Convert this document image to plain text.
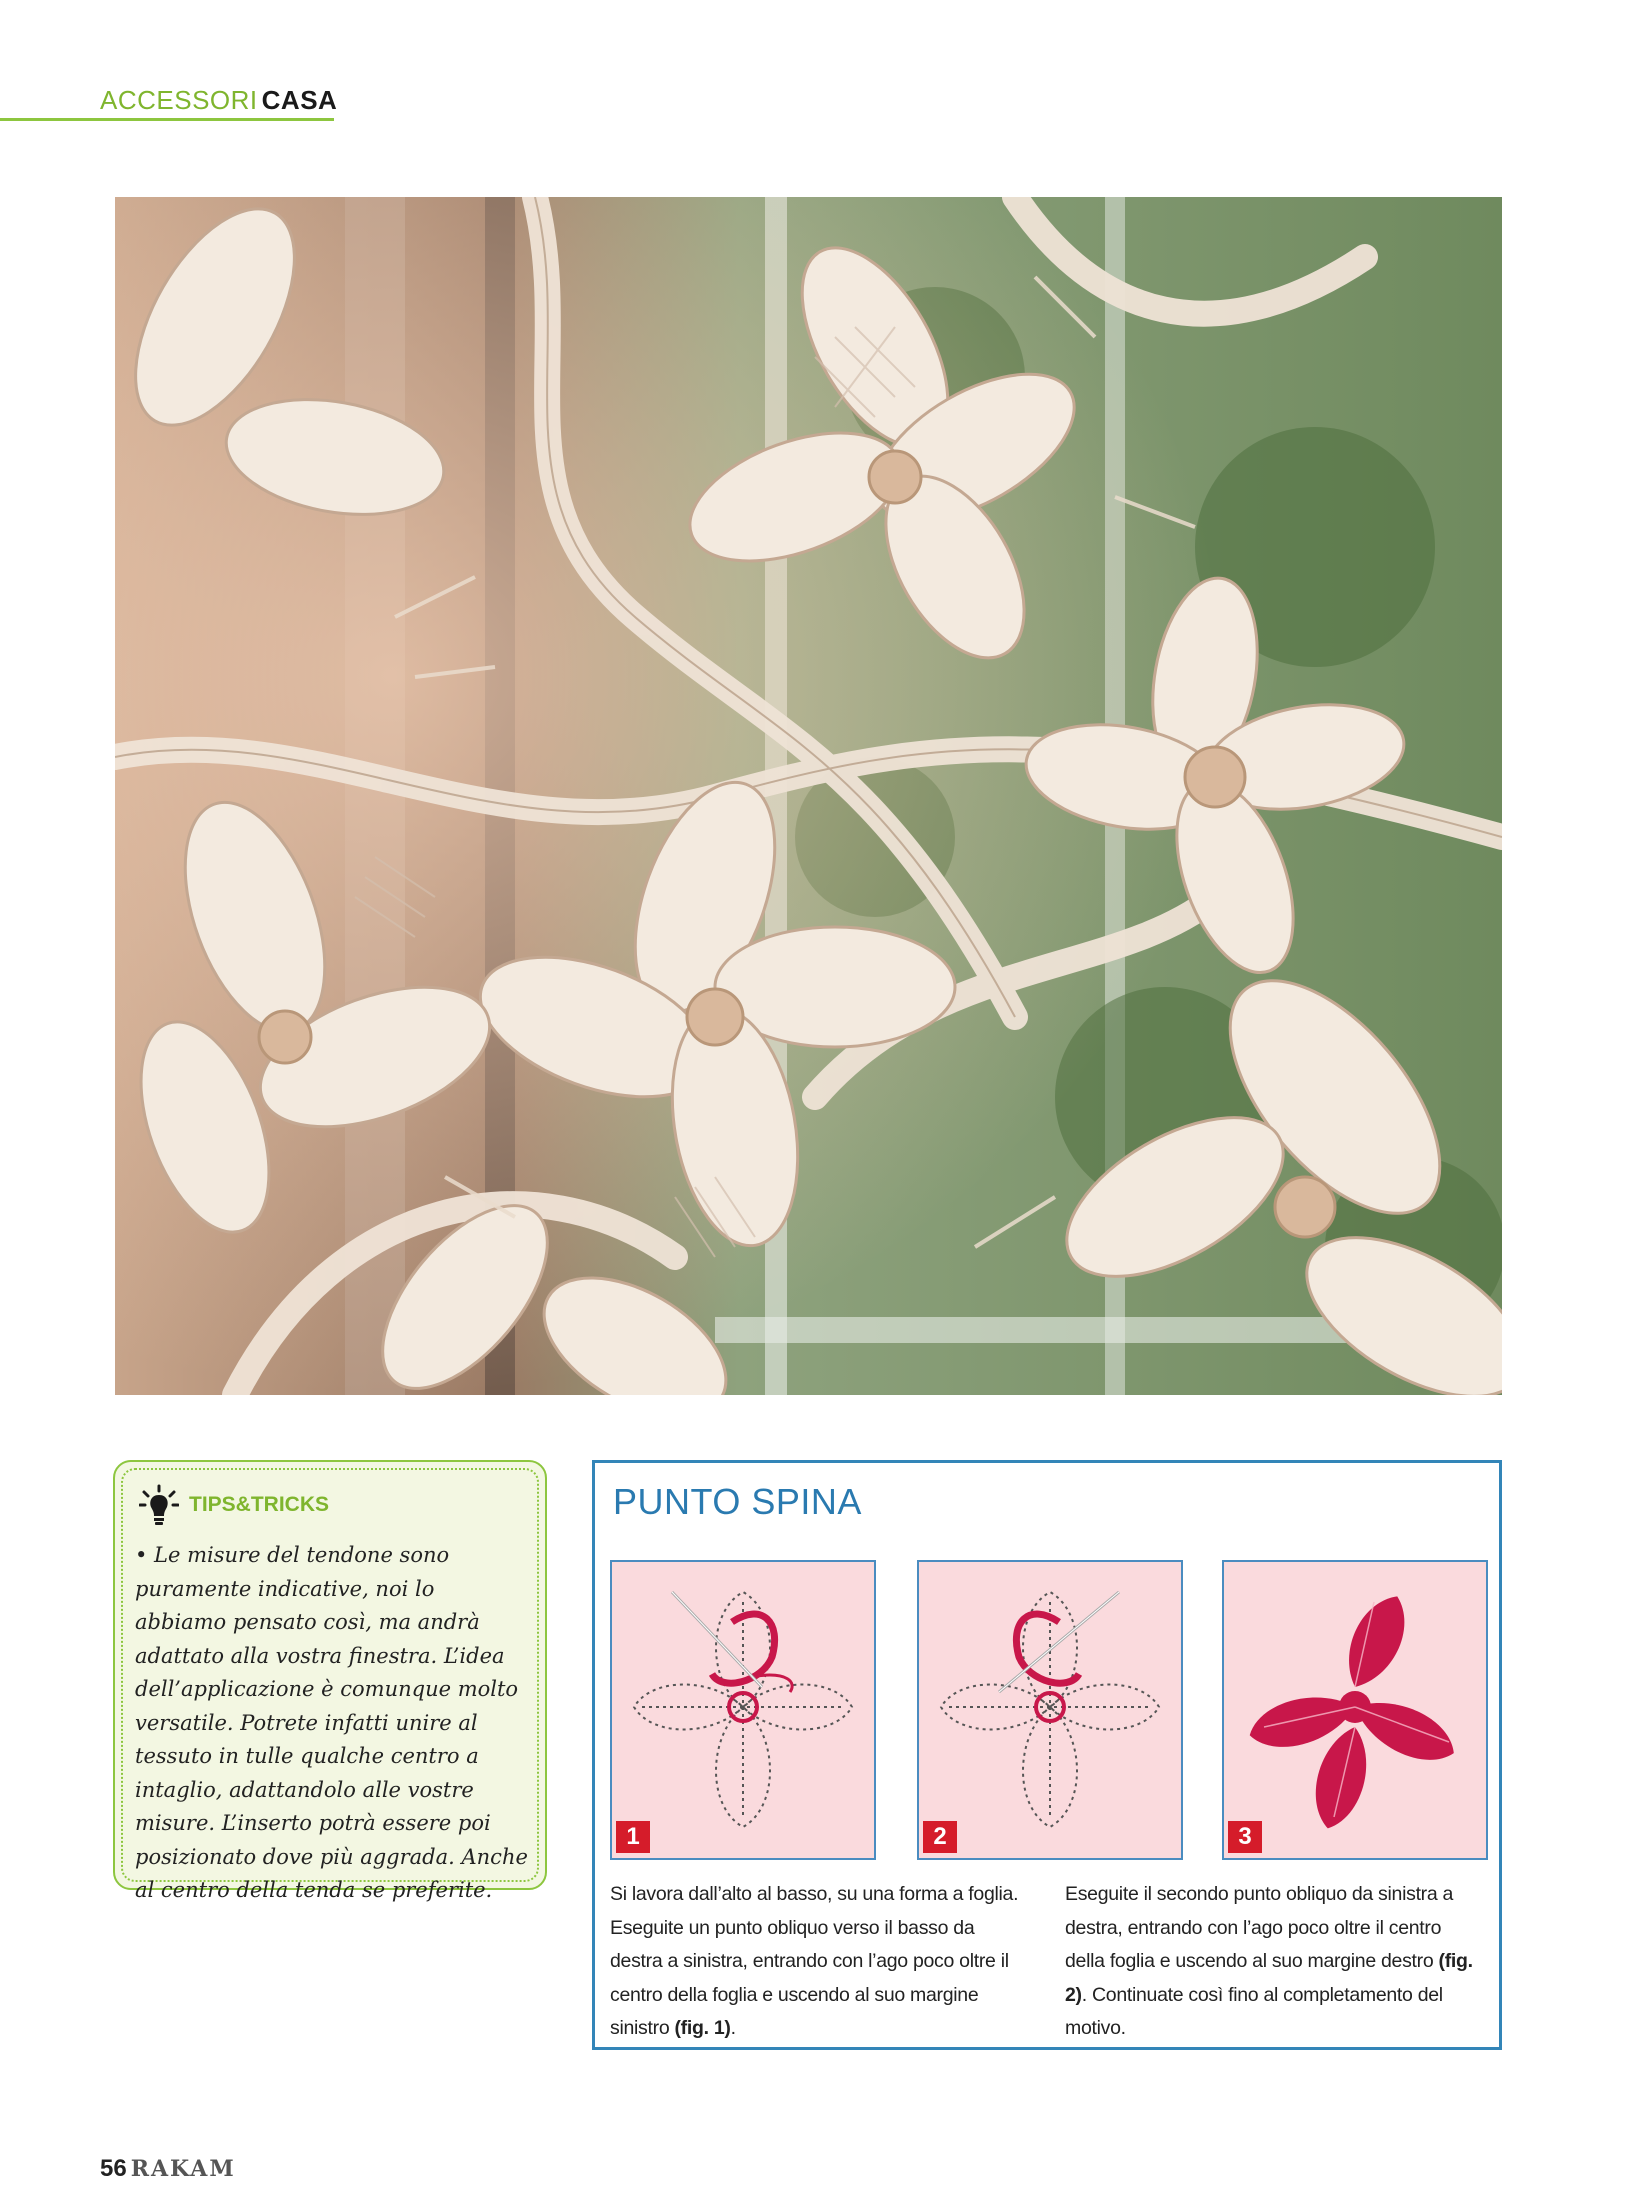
ACCESSORI CASA
TIPS&TRICKS
• Le misure del tendone sono puramente indicative, noi lo abbiamo pensato così, ma andrà adattato alla vostra finestra. L’idea dell’applicazione è comunque molto versatile. Potrete infatti unire al tessuto in tulle qualche centro a intaglio, adattandolo alle vostre misure. L’inserto potrà essere poi posizionato dove più aggrada. Anche al centro della tenda se preferite.
PUNTO SPINA
1	2	3
Si lavora dall’alto al basso, su una forma a foglia. Eseguite un punto obliquo verso il basso da destra a sinistra, entrando con l’ago poco oltre il centro della foglia e uscendo al suo margine sinistro (fig. 1).
Eseguite il secondo punto obliquo da sinistra a destra, entrando con l’ago poco oltre il centro della foglia e uscendo al suo margine destro (fig. 2). Continuate così fino al completamento del motivo.
56 RAKAM
